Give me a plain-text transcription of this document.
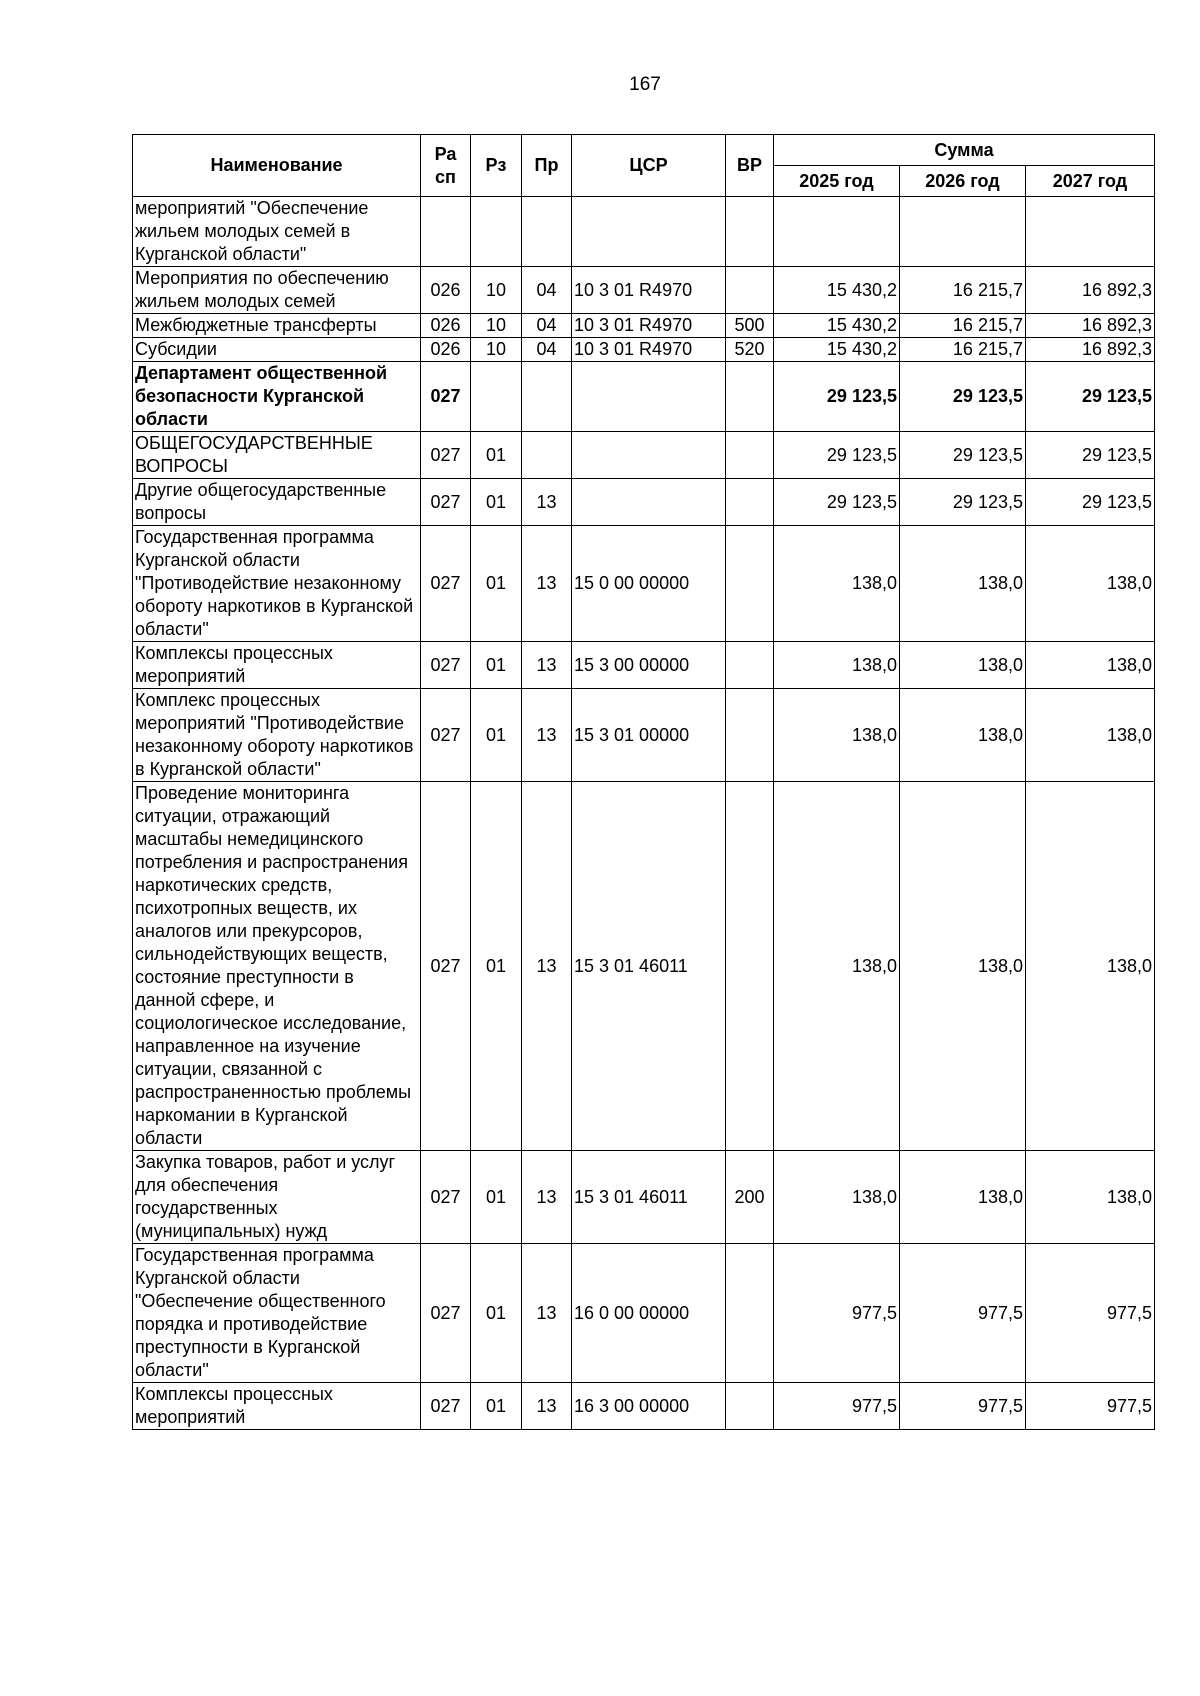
167
Наименование	Ра
сп	Рз	Пр	ЦСР	ВР	Сумма		
						2025 год	2026 год	2027 год
мероприятий "Обеспечение жильем молодых семей в Курганской области"								
Мероприятия по обеспечению жильем молодых семей	026	10	04	10 3 01 R4970		15 430,2	16 215,7	16 892,3
Межбюджетные трансферты	026	10	04	10 3 01 R4970	500	15 430,2	16 215,7	16 892,3
Субсидии	026	10	04	10 3 01 R4970	520	15 430,2	16 215,7	16 892,3
Департамент общественной безопасности Курганской области	027					29 123,5	29 123,5	29 123,5
ОБЩЕГОСУДАРСТВЕННЫЕ ВОПРОСЫ	027	01				29 123,5	29 123,5	29 123,5
Другие общегосударственные вопросы	027	01	13			29 123,5	29 123,5	29 123,5
Государственная программа Курганской области "Противодействие незаконному обороту наркотиков в Курганской области"	027	01	13	15 0 00 00000		138,0	138,0	138,0
Комплексы процессных мероприятий	027	01	13	15 3 00 00000		138,0	138,0	138,0
Комплекс процессных мероприятий "Противодействие незаконному обороту наркотиков в Курганской области"	027	01	13	15 3 01 00000		138,0	138,0	138,0
Проведение мониторинга ситуации, отражающий масштабы немедицинского потребления и распространения наркотических средств, психотропных веществ, их аналогов или прекурсоров, сильнодействующих веществ, состояние преступности в данной сфере, и социологическое исследование, направленное на изучение ситуации, связанной с распространенностью проблемы наркомании в Курганской области	027	01	13	15 3 01 46011		138,0	138,0	138,0
Закупка товаров, работ и услуг для обеспечения государственных (муниципальных) нужд	027	01	13	15 3 01 46011	200	138,0	138,0	138,0
Государственная программа Курганской области "Обеспечение общественного порядка и противодействие преступности в Курганской области"	027	01	13	16 0 00 00000		977,5	977,5	977,5
Комплексы процессных мероприятий	027	01	13	16 3 00 00000		977,5	977,5	977,5
